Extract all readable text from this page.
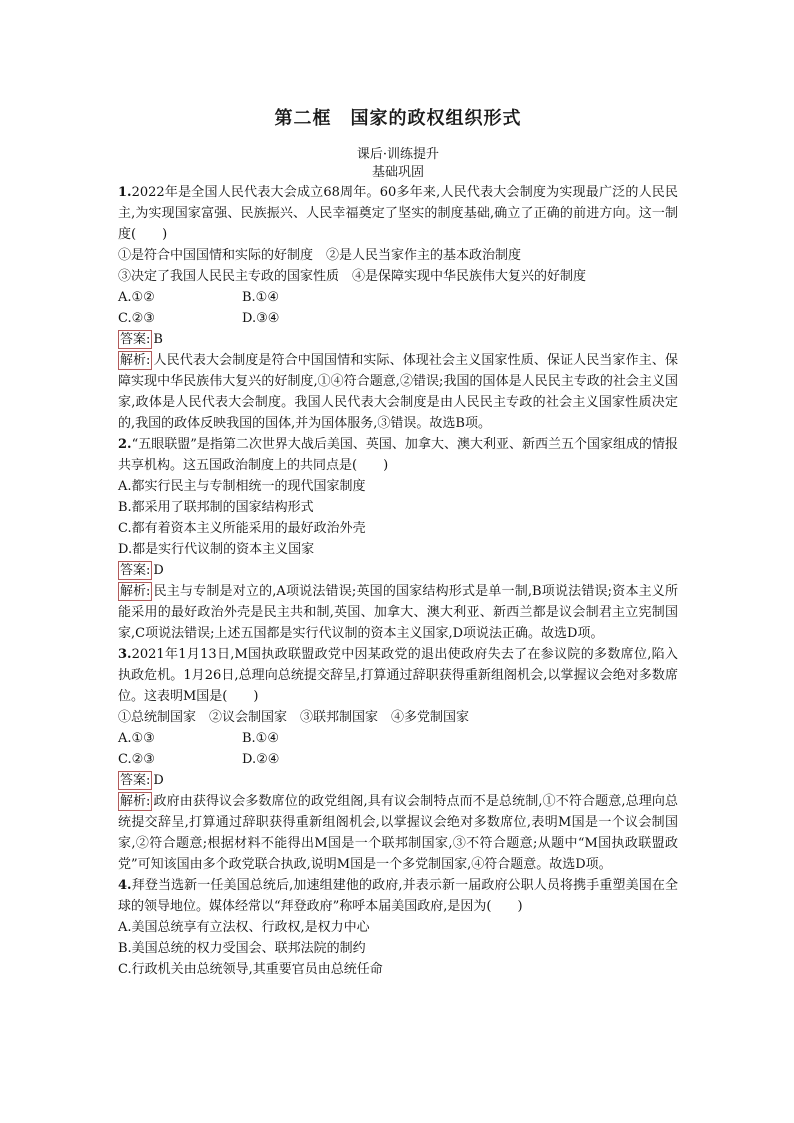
第二框　国家的政权组织形式

课后·训练提升

基础巩固

1.2022年是全国人民代表大会成立68周年。60多年来,人民代表大会制度为实现最广泛的人民民主,为实现国家富强、民族振兴、人民幸福奠定了坚实的制度基础,确立了正确的前进方向。这一制度(　　)

①是符合中国国情和实际的好制度　②是人民当家作主的基本政治制度

③决定了我国人民民主专政的国家性质　④是保障实现中华民族伟大复兴的好制度

A.①②	B.①④
C.②③	D.③④

答案: B

解析: 人民代表大会制度是符合中国国情和实际、体现社会主义国家性质、保证人民当家作主、保障实现中华民族伟大复兴的好制度,①④符合题意,②错误;我国的国体是人民民主专政的社会主义国家,政体是人民代表大会制度。我国人民代表大会制度是由人民民主专政的社会主义国家性质决定的,我国的政体反映我国的国体,并为国体服务,③错误。故选B项。

2.“五眼联盟”是指第二次世界大战后美国、英国、加拿大、澳大利亚、新西兰五个国家组成的情报共享机构。这五国政治制度上的共同点是(　　)

A.都实行民主与专制相统一的现代国家制度

B.都采用了联邦制的国家结构形式

C.都有着资本主义所能采用的最好政治外壳

D.都是实行代议制的资本主义国家

答案: D

解析: 民主与专制是对立的,A项说法错误;英国的国家结构形式是单一制,B项说法错误;资本主义所能采用的最好政治外壳是民主共和制,英国、加拿大、澳大利亚、新西兰都是议会制君主立宪制国家,C项说法错误;上述五国都是实行代议制的资本主义国家,D项说法正确。故选D项。

3.2021年1月13日,M国执政联盟政党中因某政党的退出使政府失去了在参议院的多数席位,陷入执政危机。1月26日,总理向总统提交辞呈,打算通过辞职获得重新组阁机会,以掌握议会绝对多数席位。这表明M国是(　　)

①总统制国家　②议会制国家　③联邦制国家　④多党制国家

A.①③	B.①④
C.②③	D.②④

答案: D

解析: 政府由获得议会多数席位的政党组阁,具有议会制特点而不是总统制,①不符合题意,总理向总统提交辞呈,打算通过辞职获得重新组阁机会,以掌握议会绝对多数席位,表明M国是一个议会制国家,②符合题意;根据材料不能得出M国是一个联邦制国家,③不符合题意;从题中“M国执政联盟政党”可知该国由多个政党联合执政,说明M国是一个多党制国家,④符合题意。故选D项。

4.拜登当选新一任美国总统后,加速组建他的政府,并表示新一届政府公职人员将携手重塑美国在全球的领导地位。媒体经常以“拜登政府”称呼本届美国政府,是因为(　　)

A.美国总统享有立法权、行政权,是权力中心

B.美国总统的权力受国会、联邦法院的制约

C.行政机关由总统领导,其重要官员由总统任命
